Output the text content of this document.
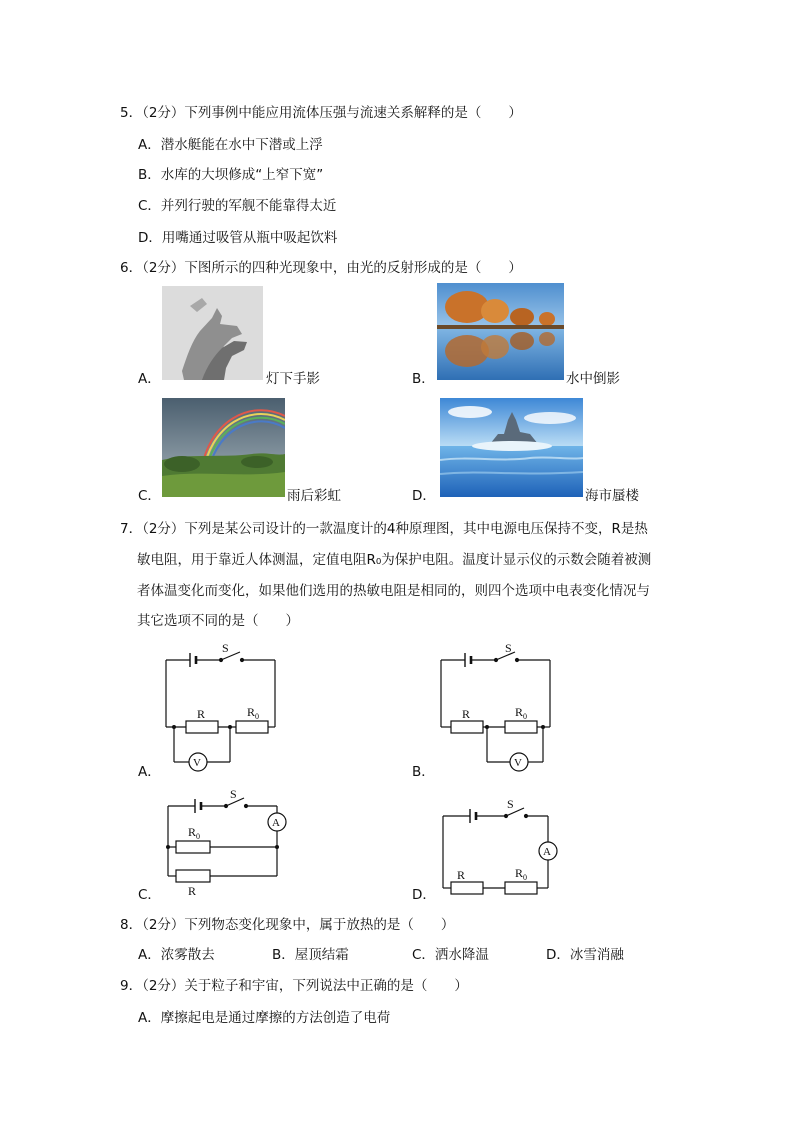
5．（2分）下列事例中能应用流体压强与流速关系解释的是（　　）
A．潜水艇能在水中下潜或上浮
B．水库的大坝修成“上窄下宽”
C．并列行驶的军舰不能靠得太近
D．用嘴通过吸管从瓶中吸起饮料
6．（2分）下图所示的四种光现象中，由光的反射形成的是（　　）
A．	灯下手影	B．	水中倒影
C．	雨后彩虹	D．	海市蜃楼
7．（2分）下列是某公司设计的一款温度计的4种原理图，其中电源电压保持不变，R是热
敏电阻，用于靠近人体测温，定值电阻R₀为保护电阻。温度计显示仪的示数会随着被测
者体温变化而变化，如果他们选用的热敏电阻是相同的，则四个选项中电表变化情况与
其它选项不同的是（　　）
A．	B．
C．	D．
S
R	$R_0$
V
S
R	$R_0$
V
S
A
$R_0$
R
S
A
R	$R_0$
8．（2分）下列物态变化现象中，属于放热的是（　　）
A．浓雾散去	B．屋顶结霜	C．洒水降温	D．冰雪消融
9．（2分）关于粒子和宇宙，下列说法中正确的是（　　）
A．摩擦起电是通过摩擦的方法创造了电荷
